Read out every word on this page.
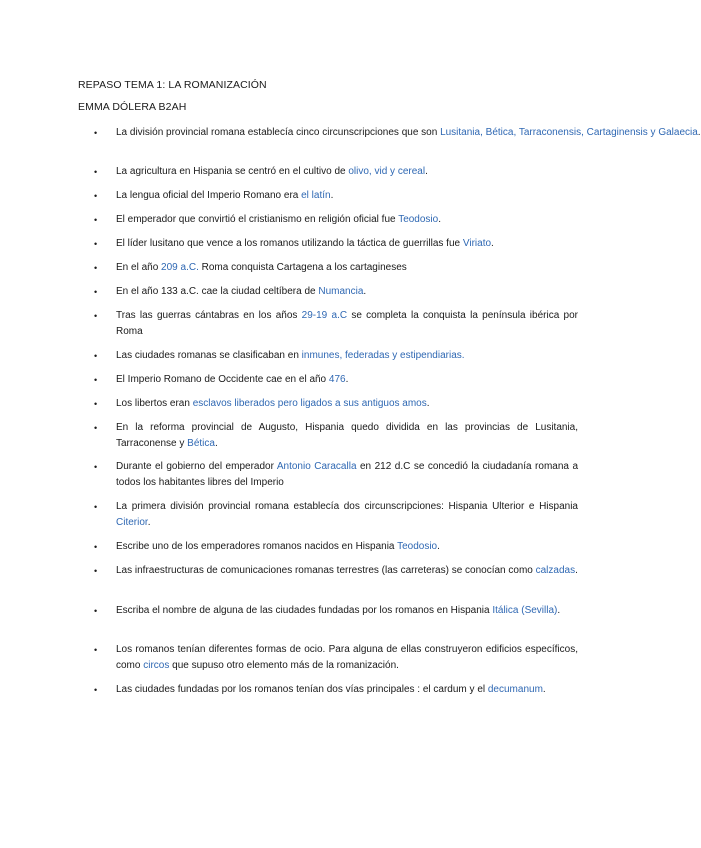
REPASO TEMA 1: LA ROMANIZACIÓN
EMMA DÓLERA B2AH
• La división provincial romana establecía cinco circunscripciones que son Lusitania, Bética, Tarraconensis, Cartaginensis y Galaecia.
• La agricultura en Hispania se centró en el cultivo de olivo, vid y cereal.
• La lengua oficial del Imperio Romano era el latín.
• El emperador que convirtió el cristianismo en religión oficial fue Teodosio.
• El líder lusitano que vence a los romanos utilizando la táctica de guerrillas fue Viriato.
• En el año 209 a.C. Roma conquista Cartagena a los cartagineses
• En el año 133 a.C. cae la ciudad celtíbera de Numancia.
• Tras las guerras cántabras en los años 29-19 a.C se completa la conquista la península ibérica por Roma
• Las ciudades romanas se clasificaban en inmunes, federadas y estipendiarias.
• El Imperio Romano de Occidente cae en el año 476.
• Los libertos eran esclavos liberados pero ligados a sus antiguos amos.
• En la reforma provincial de Augusto, Hispania quedo dividida en las provincias de Lusitania, Tarraconense y Bética.
• Durante el gobierno del emperador Antonio Caracalla en 212 d.C se concedió la ciudadanía romana a todos los habitantes libres del Imperio
• La primera división provincial romana establecía dos circunscripciones: Hispania Ulterior e Hispania Citerior.
• Escribe uno de los emperadores romanos nacidos en Hispania Teodosio.
• Las infraestructuras de comunicaciones romanas terrestres (las carreteras) se conocían como calzadas.
• Escriba el nombre de alguna de las ciudades fundadas por los romanos en Hispania Itálica (Sevilla).
• Los romanos tenían diferentes formas de ocio. Para alguna de ellas construyeron edificios específicos, como circos que supuso otro elemento más de la romanización.
• Las ciudades fundadas por los romanos tenían dos vías principales : el cardum y el decumanum.
